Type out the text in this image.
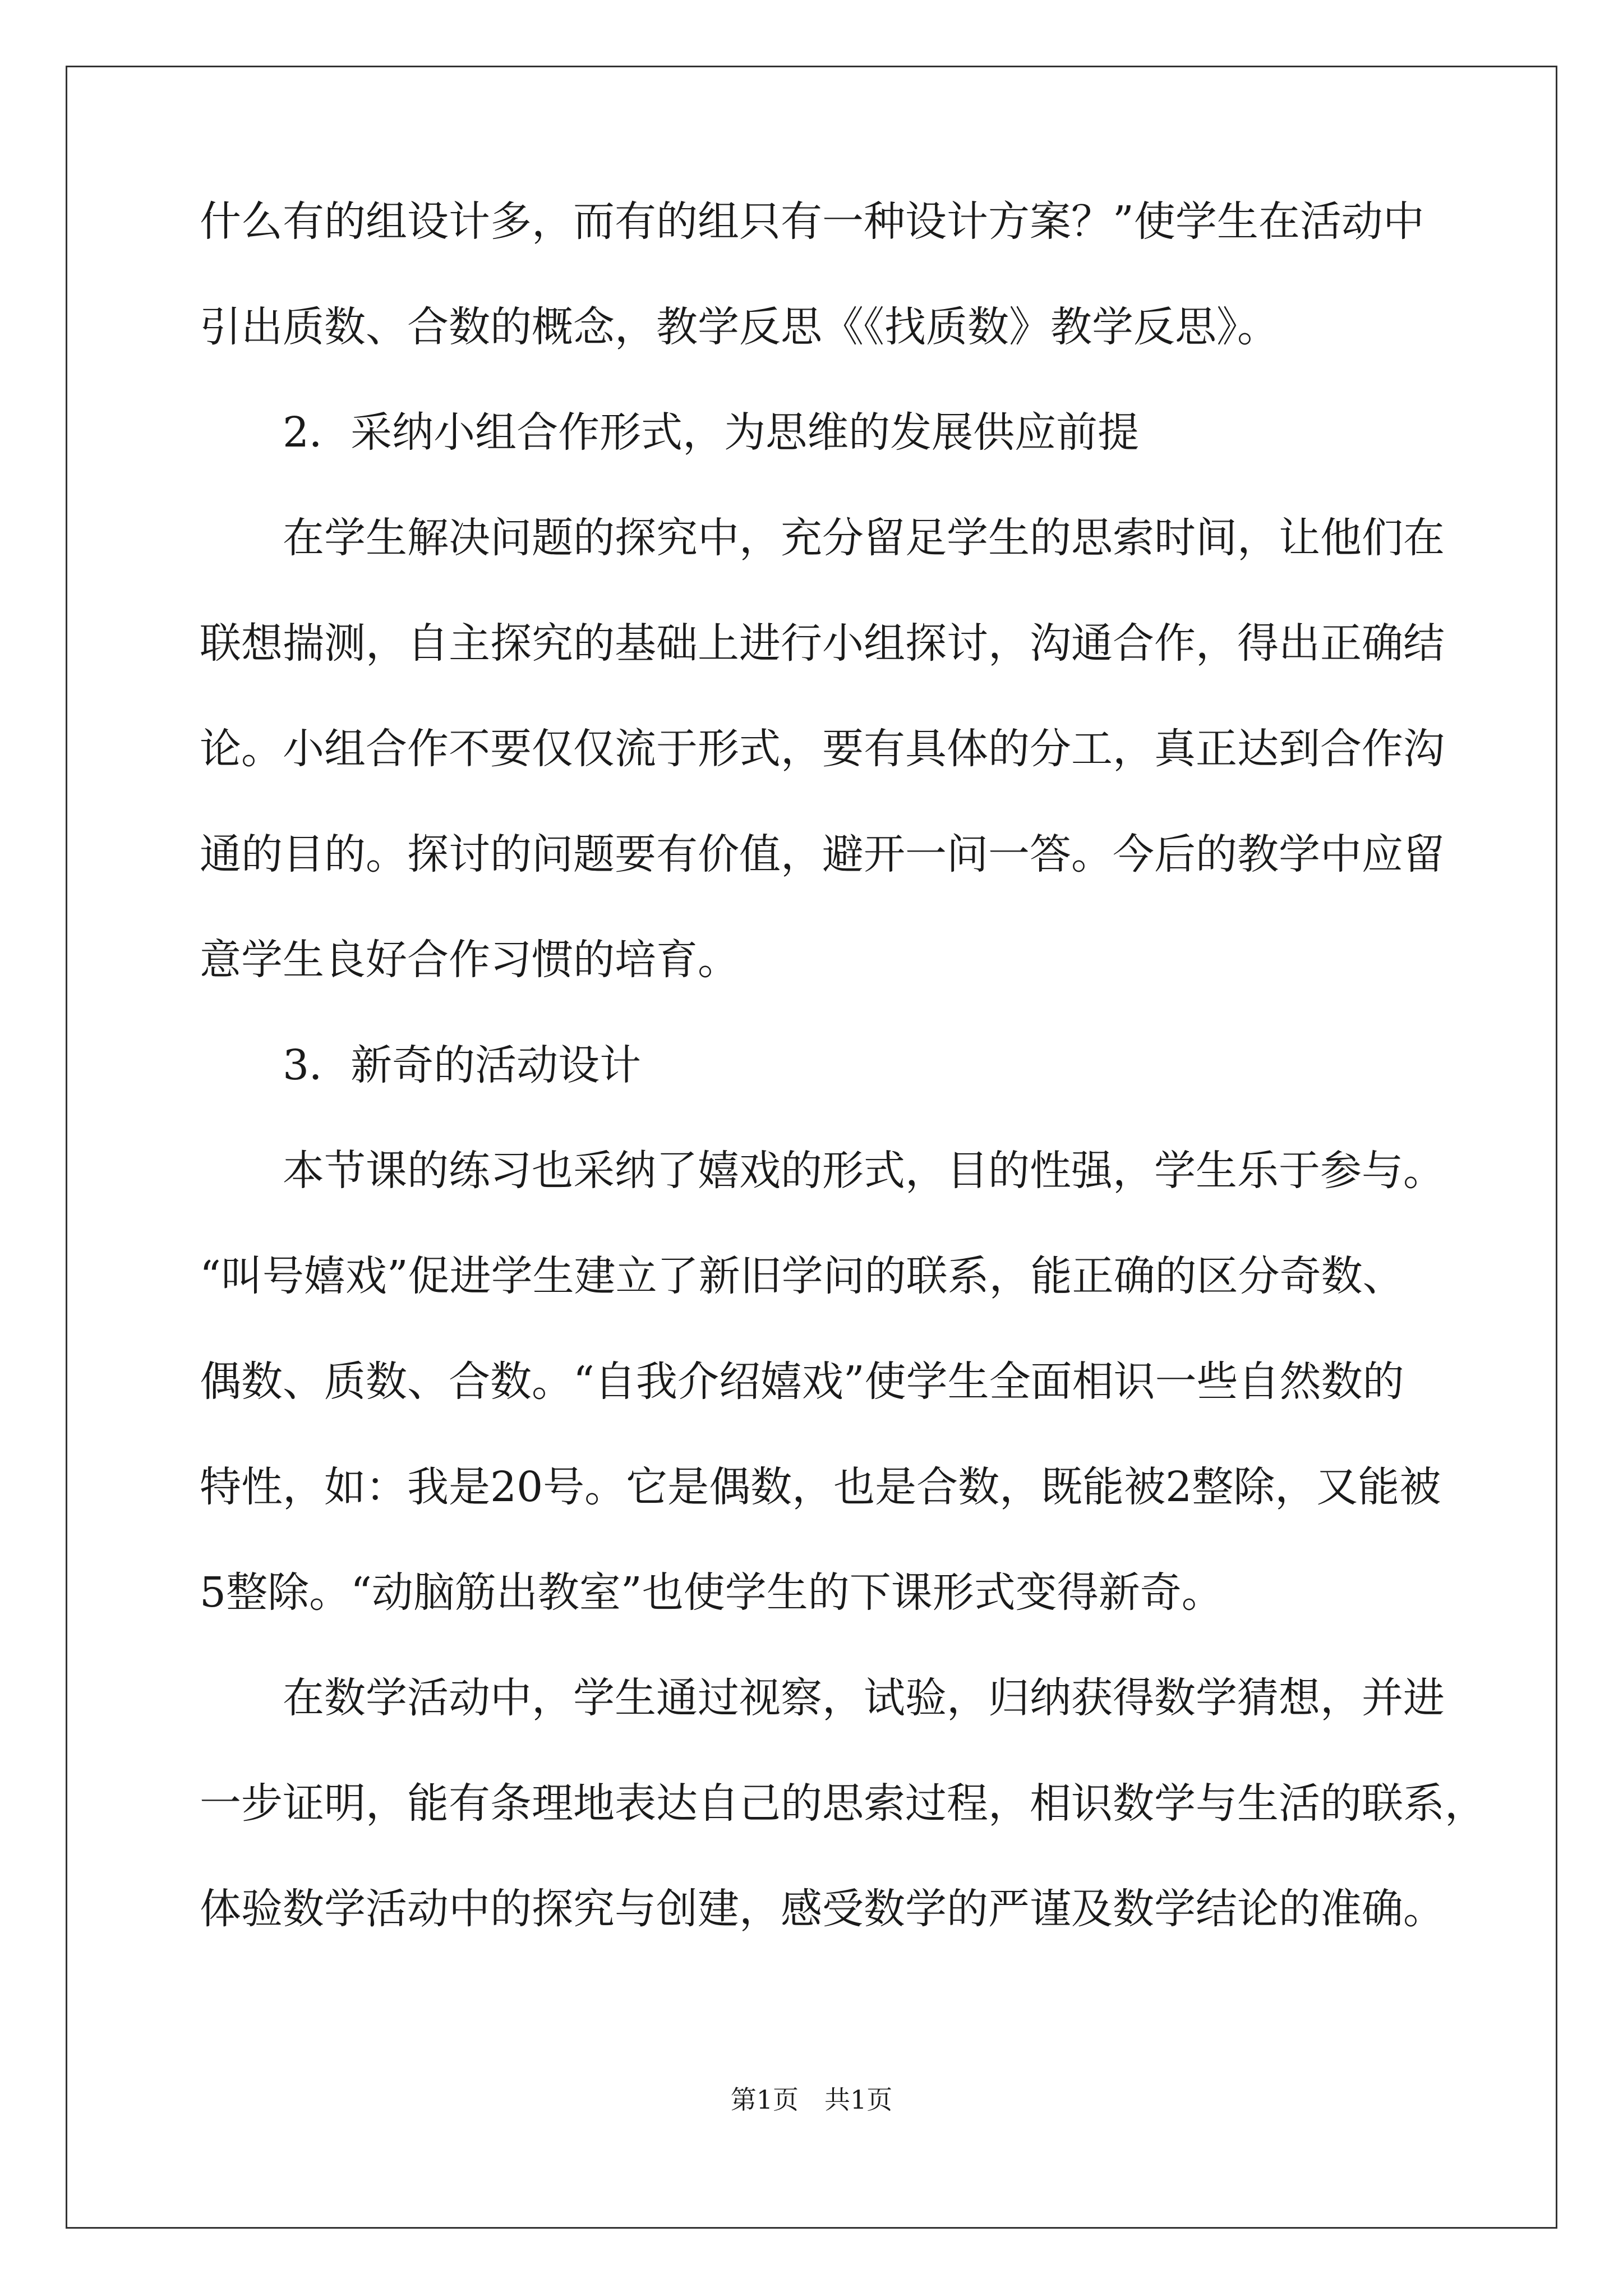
什么有的组设计多，而有的组只有一种设计方案？”使学生在活动中
引出质数、合数的概念，教学反思《《找质数》教学反思》。
2．采纳小组合作形式，为思维的发展供应前提
在学生解决问题的探究中，充分留足学生的思索时间，让他们在
联想揣测，自主探究的基础上进行小组探讨，沟通合作，得出正确结
论。小组合作不要仅仅流于形式，要有具体的分工，真正达到合作沟
通的目的。探讨的问题要有价值，避开一问一答。今后的教学中应留
意学生良好合作习惯的培育。
3．新奇的活动设计
本节课的练习也采纳了嬉戏的形式，目的性强，学生乐于参与。
“叫号嬉戏”促进学生建立了新旧学问的联系，能正确的区分奇数、
偶数、质数、合数。“自我介绍嬉戏”使学生全面相识一些自然数的
特性，如：我是20号。它是偶数，也是合数，既能被2整除，又能被
5整除。“动脑筋出教室”也使学生的下课形式变得新奇。
在数学活动中，学生通过视察，试验，归纳获得数学猜想，并进
一步证明，能有条理地表达自己的思索过程，相识数学与生活的联系，
体验数学活动中的探究与创建，感受数学的严谨及数学结论的准确。
第1页　共1页
